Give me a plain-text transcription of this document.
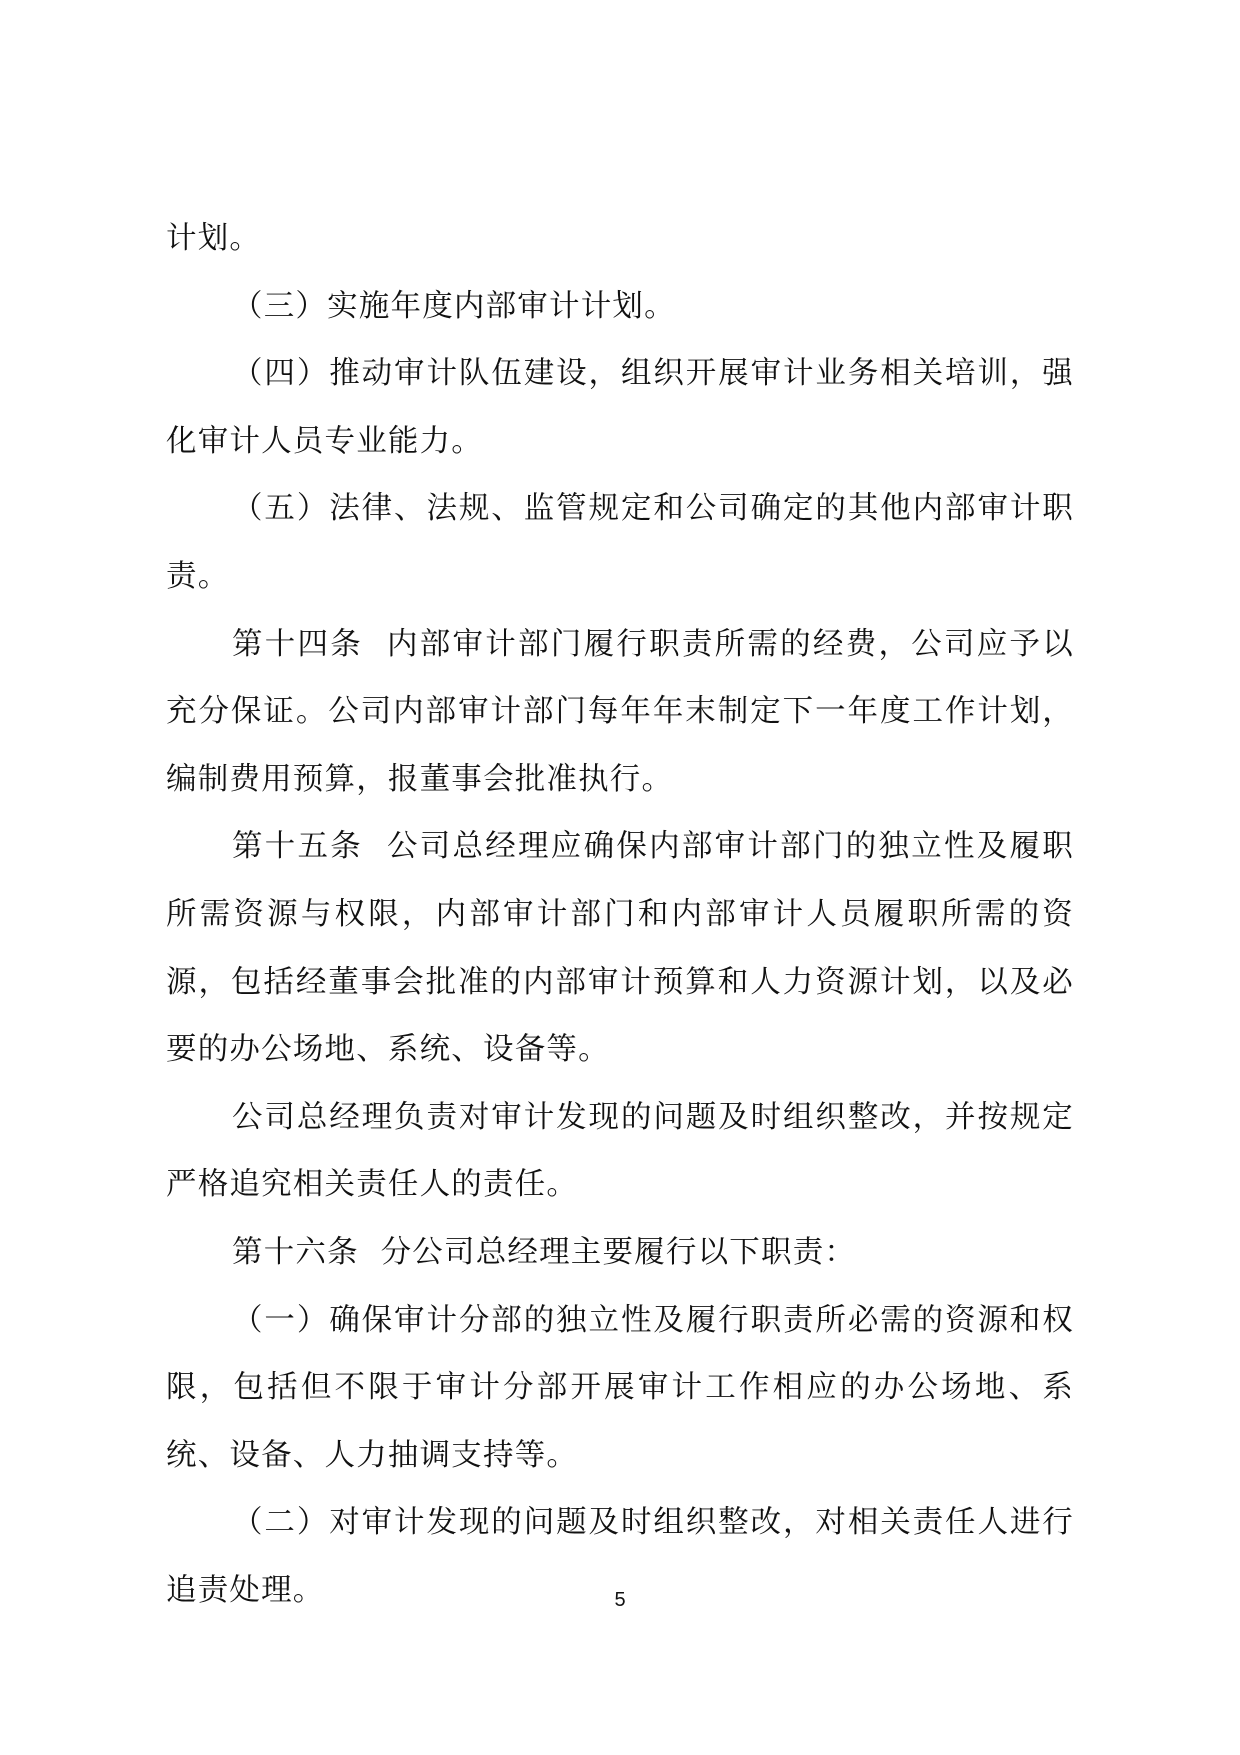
计划。

（三）实施年度内部审计计划。

（四）推动审计队伍建设，组织开展审计业务相关培训，强化审计人员专业能力。

（五）法律、法规、监管规定和公司确定的其他内部审计职责。

第十四条  内部审计部门履行职责所需的经费，公司应予以充分保证。公司内部审计部门每年年末制定下一年度工作计划，编制费用预算，报董事会批准执行。

第十五条  公司总经理应确保内部审计部门的独立性及履职所需资源与权限，内部审计部门和内部审计人员履职所需的资源，包括经董事会批准的内部审计预算和人力资源计划，以及必要的办公场地、系统、设备等。

公司总经理负责对审计发现的问题及时组织整改，并按规定严格追究相关责任人的责任。

第十六条  分公司总经理主要履行以下职责：

（一）确保审计分部的独立性及履行职责所必需的资源和权限，包括但不限于审计分部开展审计工作相应的办公场地、系统、设备、人力抽调支持等。

（二）对审计发现的问题及时组织整改，对相关责任人进行追责处理。	5
